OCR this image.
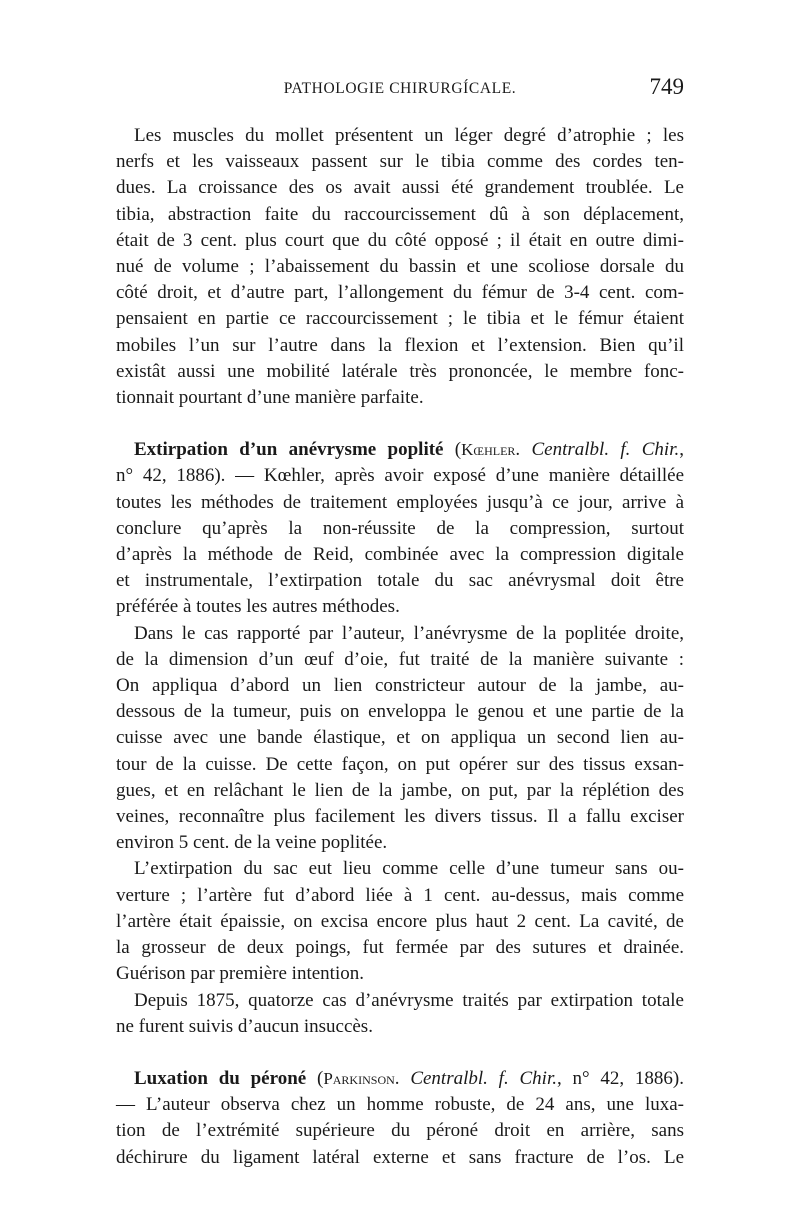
PATHOLOGIE CHIRURGÍCALE.	749
Les muscles du mollet présentent un léger degré d’atrophie ; les
nerfs et les vaisseaux passent sur le tibia comme des cordes ten-
dues. La croissance des os avait aussi été grandement troublée. Le
tibia, abstraction faite du raccourcissement dû à son déplacement,
était de 3 cent. plus court que du côté opposé ; il était en outre dimi-
nué de volume ; l’abaissement du bassin et une scoliose dorsale du
côté droit, et d’autre part, l’allongement du fémur de 3-4 cent. com-
pensaient en partie ce raccourcissement ; le tibia et le fémur étaient
mobiles l’un sur l’autre dans la flexion et l’extension. Bien qu’il
existât aussi une mobilité latérale très prononcée, le membre fonc-
tionnait pourtant d’une manière parfaite.
Extirpation d’un anévrysme poplité (Kœhler. Centralbl. f. Chir.,
n° 42, 1886). — Kœhler, après avoir exposé d’une manière détaillée
toutes les méthodes de traitement employées jusqu’à ce jour, arrive à
conclure qu’après la non-réussite de la compression, surtout
d’après la méthode de Reid, combinée avec la compression digitale
et instrumentale, l’extirpation totale du sac anévrysmal doit être
préférée à toutes les autres méthodes.
Dans le cas rapporté par l’auteur, l’anévrysme de la poplitée droite,
de la dimension d’un œuf d’oie, fut traité de la manière suivante :
On appliqua d’abord un lien constricteur autour de la jambe, au-
dessous de la tumeur, puis on enveloppa le genou et une partie de la
cuisse avec une bande élastique, et on appliqua un second lien au-
tour de la cuisse. De cette façon, on put opérer sur des tissus exsan-
gues, et en relâchant le lien de la jambe, on put, par la réplétion des
veines, reconnaître plus facilement les divers tissus. Il a fallu exciser
environ 5 cent. de la veine poplitée.
L’extirpation du sac eut lieu comme celle d’une tumeur sans ou-
verture ; l’artère fut d’abord liée à 1 cent. au-dessus, mais comme
l’artère était épaissie, on excisa encore plus haut 2 cent. La cavité, de
la grosseur de deux poings, fut fermée par des sutures et drainée.
Guérison par première intention.
Depuis 1875, quatorze cas d’anévrysme traités par extirpation totale
ne furent suivis d’aucun insuccès.
Luxation du péroné (Parkinson. Centralbl. f. Chir., n° 42, 1886).
— L’auteur observa chez un homme robuste, de 24 ans, une luxa-
tion de l’extrémité supérieure du péroné droit en arrière, sans
déchirure du ligament latéral externe et sans fracture de l’os. Le
